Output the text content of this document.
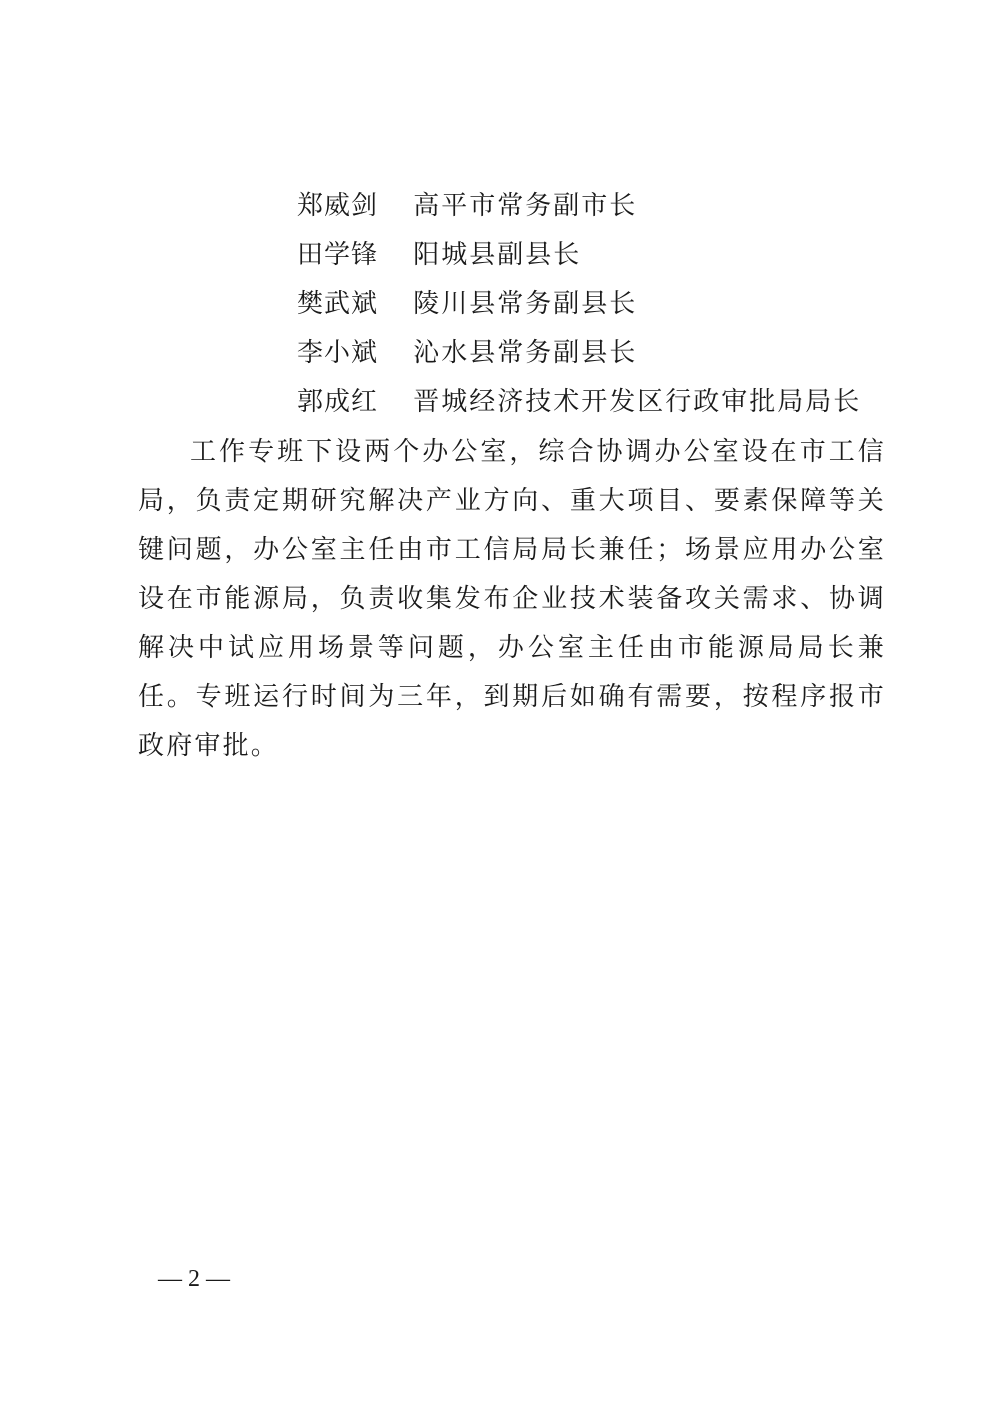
郑威剑 高平市常务副市长
田学锋 阳城县副县长
樊武斌 陵川县常务副县长
李小斌 沁水县常务副县长
郭成红 晋城经济技术开发区行政审批局局长

工作专班下设两个办公室，综合协调办公室设在市工信局，负责定期研究解决产业方向、重大项目、要素保障等关键问题，办公室主任由市工信局局长兼任；场景应用办公室设在市能源局，负责收集发布企业技术装备攻关需求、协调解决中试应用场景等问题，办公室主任由市能源局局长兼任。专班运行时间为三年，到期后如确有需要，按程序报市政府审批。

— 2 —
